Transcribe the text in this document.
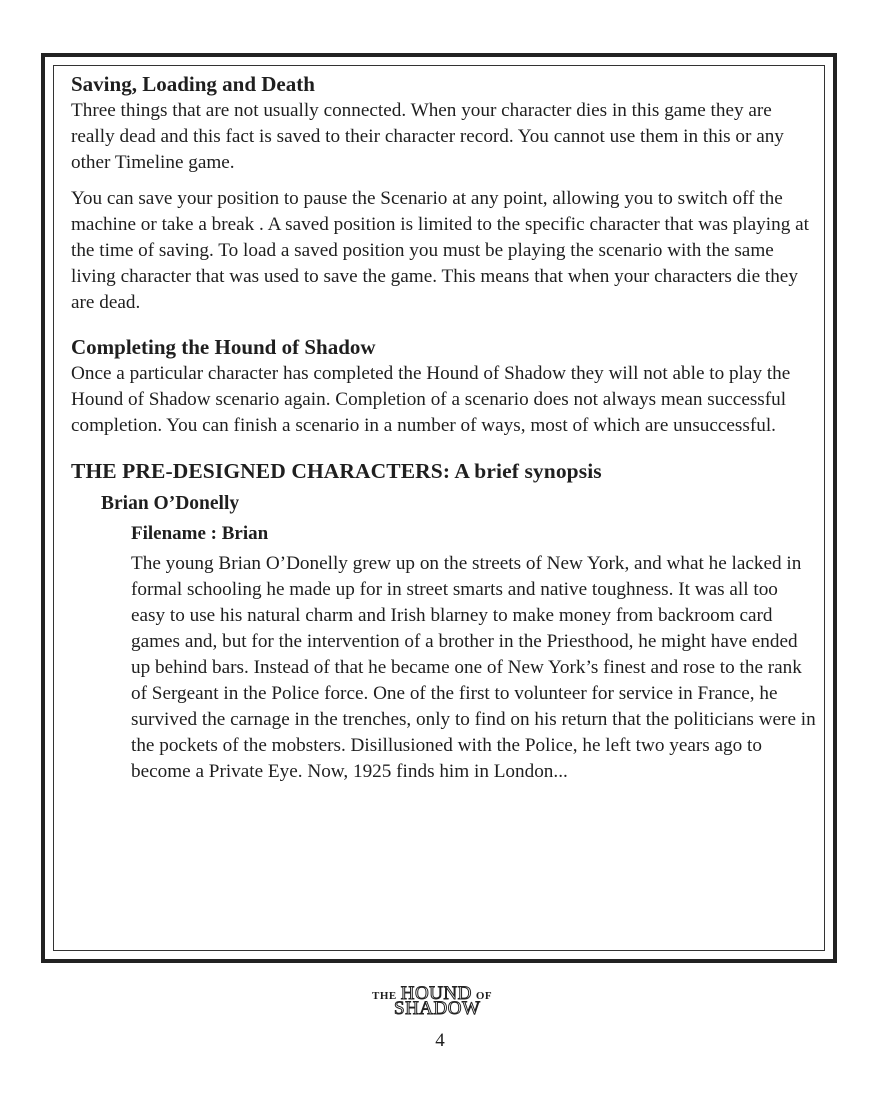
Saving, Loading and Death

Three things that are not usually connected. When your character dies in this game they are really dead and this fact is saved to their character record. You cannot use them in this or any other Timeline game.

You can save your position to pause the Scenario at any point, allowing you to switch off the machine or take a break . A saved position is limited to the specific character that was playing at the time of saving. To load a saved position you must be playing the scenario with the same living character that was used to save the game. This means that when your characters die they are dead.

Completing the Hound of Shadow

Once a particular character has completed the Hound of Shadow they will not able to play the Hound of Shadow scenario again. Completion of a scenario does not always mean successful completion. You can finish a scenario in a number of ways, most of which are unsuccessful.

THE PRE-DESIGNED CHARACTERS: A brief synopsis
Brian O’Donelly
Filename : Brian

The young Brian O’Donelly grew up on the streets of New York, and what he lacked in formal schooling he made up for in street smarts and native toughness. It was all too easy to use his natural charm and Irish blarney to make money from backroom card games and, but for the intervention of a brother in the Priesthood, he might have ended up behind bars. Instead of that he became one of New York’s finest and rose to the rank of Sergeant in the Police force. One of the first to volunteer for service in France, he survived the carnage in the trenches, only to find on his return that the politicians were in the pockets of the mobsters. Disillusioned with the Police, he left two years ago to become a Private Eye. Now, 1925 finds him in London...

THE HOUND OF
SHADOW
4
